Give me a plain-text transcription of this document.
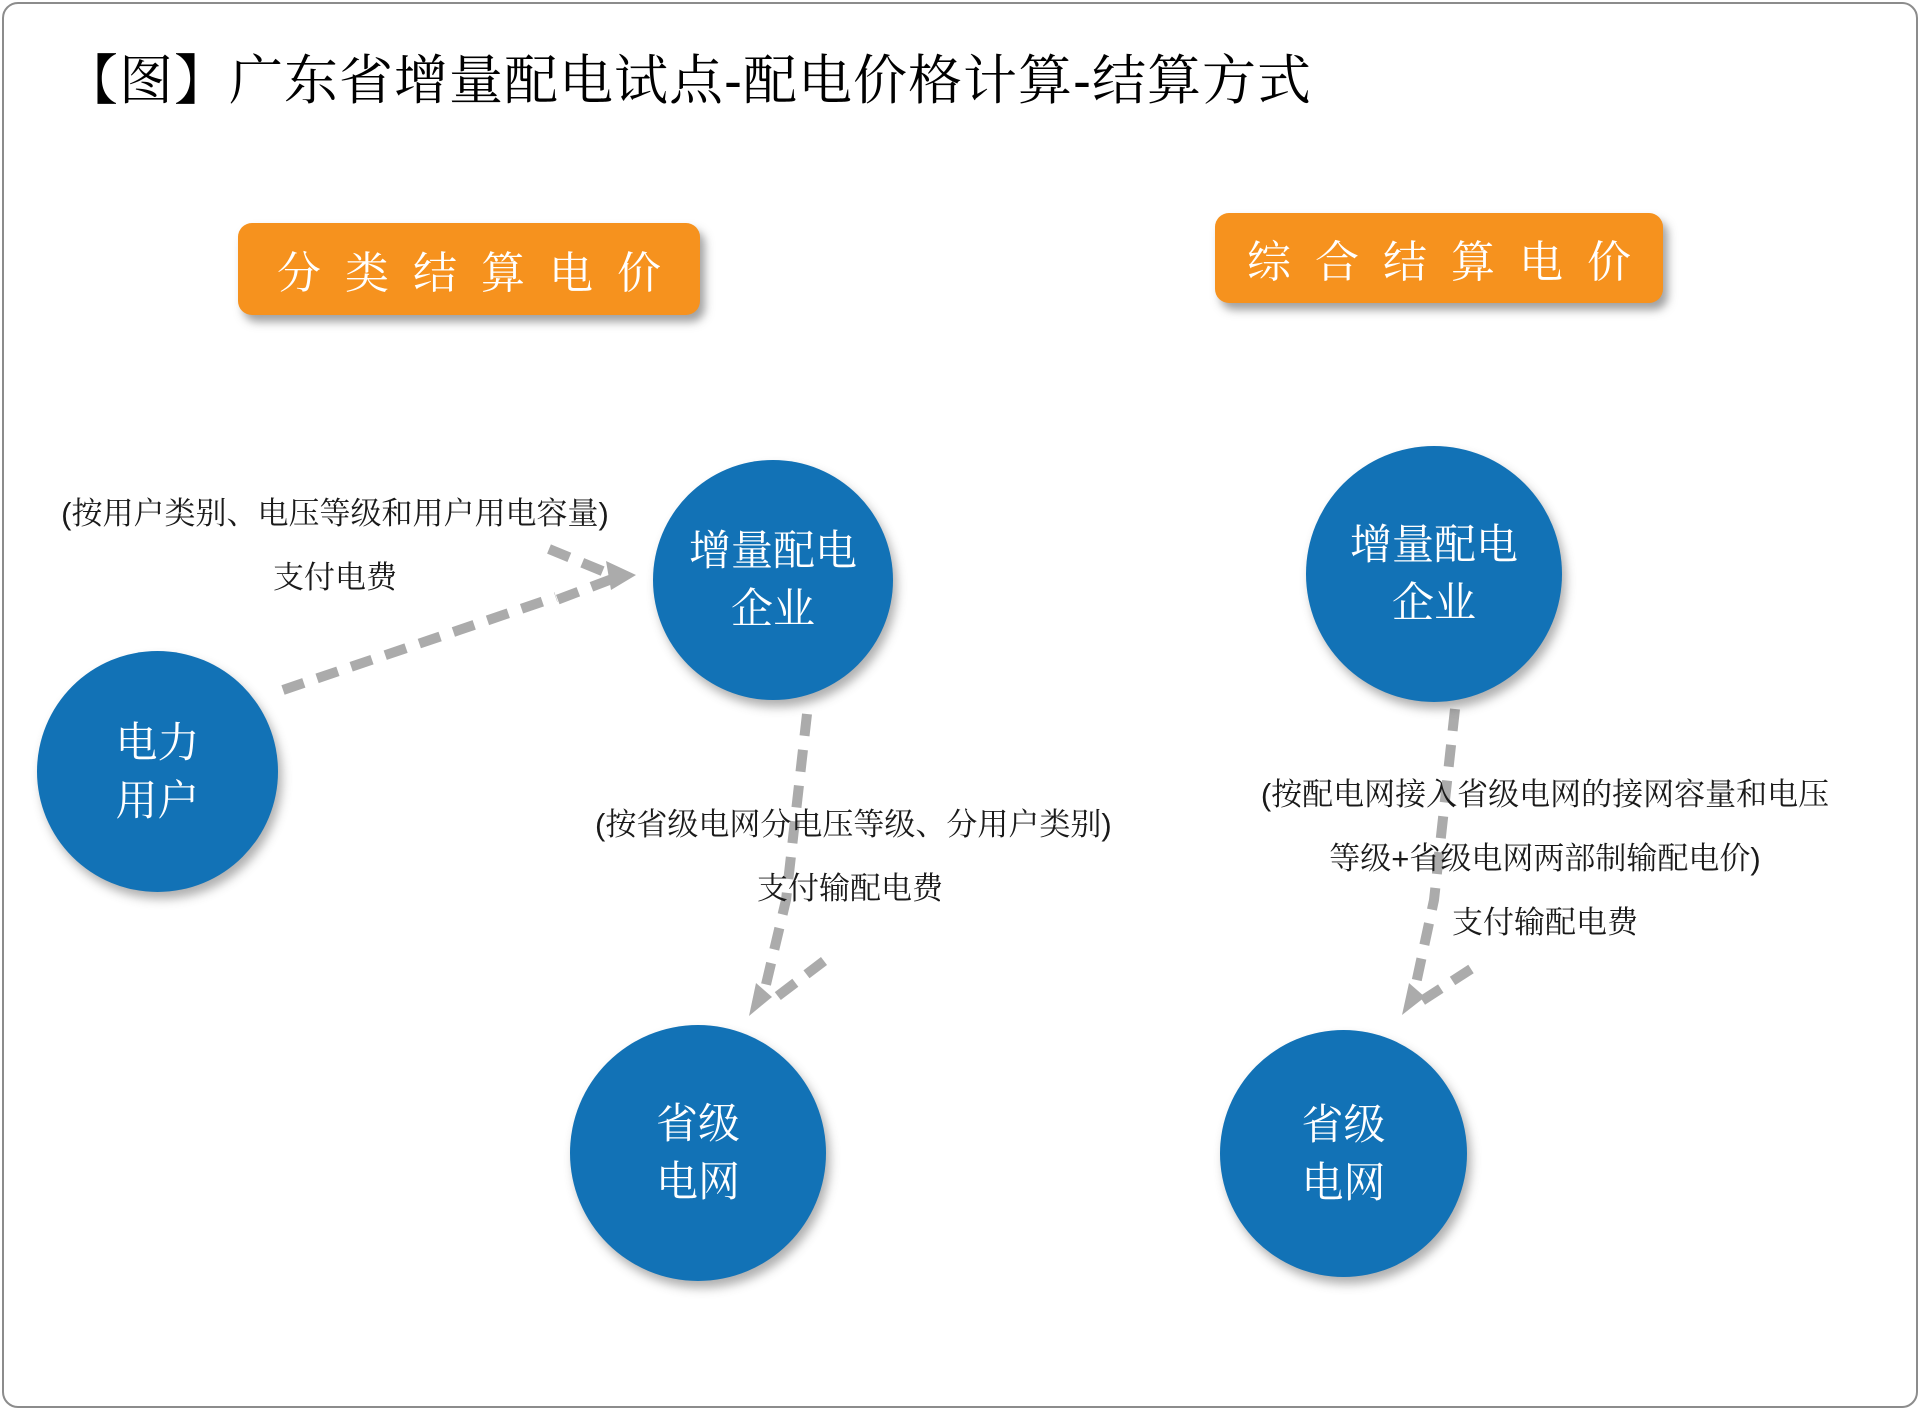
【图】广东省增量配电试点-配电价格计算-结算方式
分类结算电价	综合结算电价
电力
用户
增量配电
企业
增量配电
企业
省级
电网
省级
电网
(按用户类别、电压等级和用户用电容量)
支付电费
(按省级电网分电压等级、分用户类别)
支付输配电费
(按配电网接入省级电网的接网容量和电压
等级+省级电网两部制输配电价)
支付输配电费
